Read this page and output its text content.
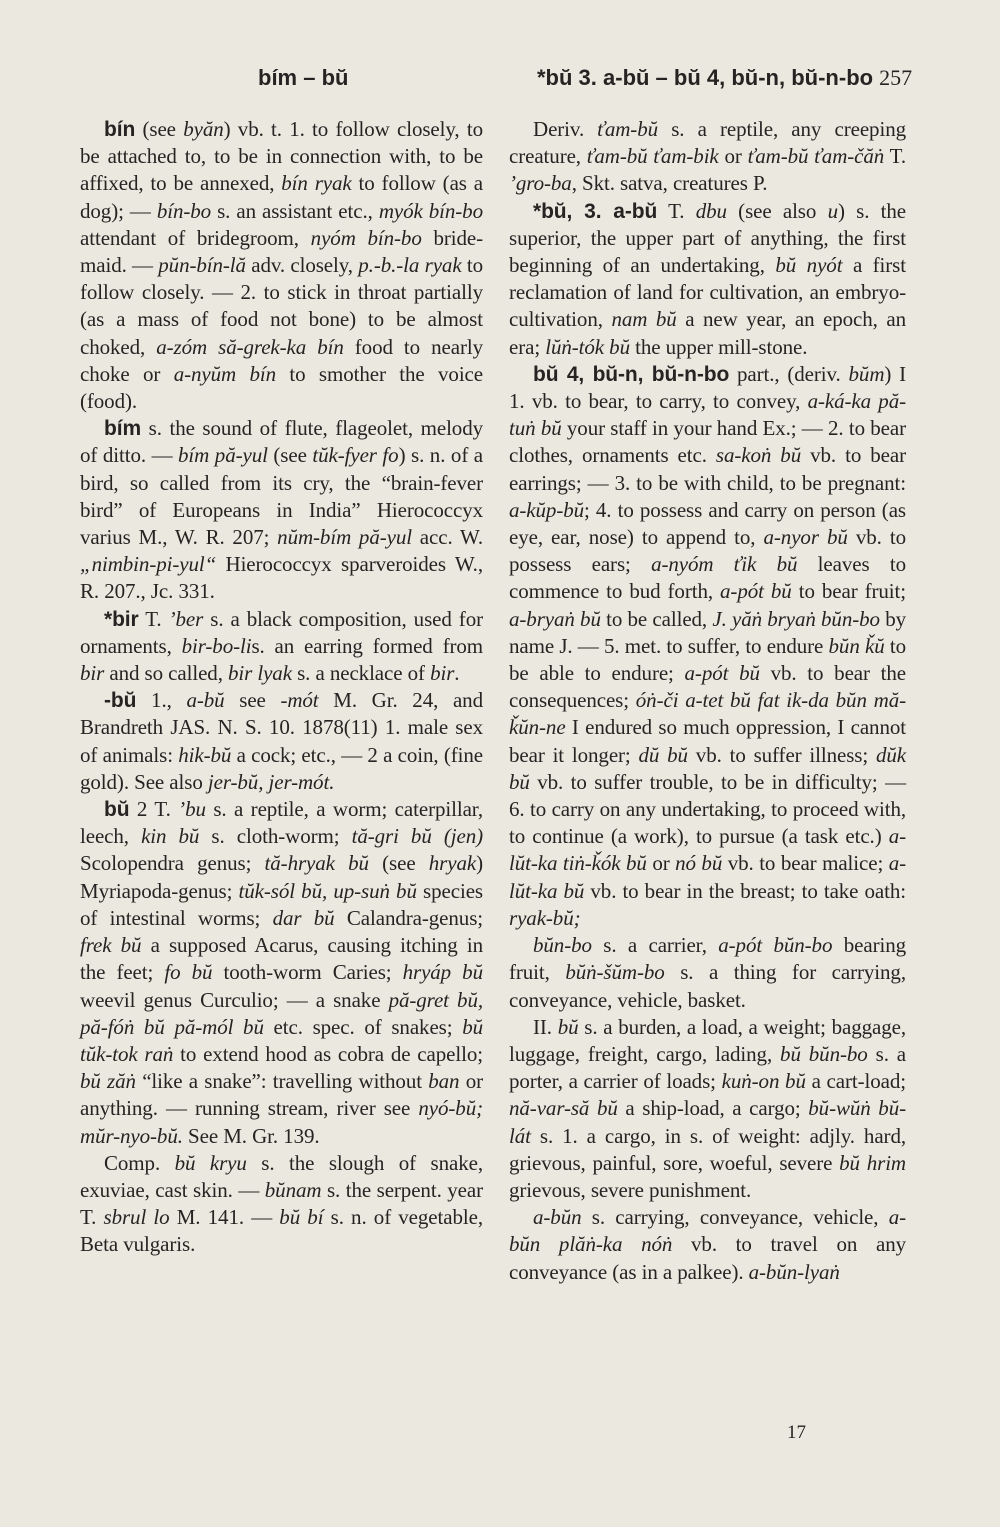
bím – bŭ	*bŭ 3. a-bŭ – bŭ 4, bŭ-n, bŭ-n-bo 257

bín (see byăn) vb. t. 1. to follow closely, to be attached to, to be in connection with, to be affixed, to be annexed, bín ryak to follow (as a dog); — bín-bo s. an assistant etc., myók bín-bo attendant of bridegroom, nyóm bín-bo bride-maid. — pŭn-bín-lă adv. closely, p.-b.-la ryak to follow closely. — 2. to stick in throat partially (as a mass of food not bone) to be almost choked, a-zóm să-grek-ka bín food to nearly choke or a-nyŭm bín to smother the voice (food).

bím s. the sound of flute, flageolet, melody of ditto. — bím pă-yul (see tŭk-fyer fo) s. n. of a bird, so called from its cry, the “brain-fever bird” of Europeans in India” Hierococcyx varius M., W. R. 207; nŭm-bím pă-yul acc. W. „nimbin-pi-yul“ Hierococcyx sparveroides W., R. 207., Jc. 331.

*bir T. ’ber s. a black composition, used for ornaments, bir-bo-lis. an earring formed from bir and so called, bir lyak s. a necklace of bir.

-bŭ 1., a-bŭ see -mót M. Gr. 24, and Brandreth JAS. N. S. 10. 1878(11) 1. male sex of animals: hik-bŭ a cock; etc., — 2 a coin, (fine gold). See also jer-bŭ, jer-mót.

bŭ 2 T. ’bu s. a reptile, a worm; caterpillar, leech, kin bŭ s. cloth-worm; tă-gri bŭ (jen) Scolopendra genus; tă-hryak bŭ (see hryak) Myriapoda-genus; tŭk-sól bŭ, up-suṅ bŭ species of intestinal worms; dar bŭ Calandra-genus; frek bŭ a supposed Acarus, causing itching in the feet; fo bŭ tooth-worm Caries; hryáp bŭ weevil genus Curculio; — a snake pă-gret bŭ, pă-fóṅ bŭ pă-mól bŭ etc. spec. of snakes; bŭ tŭk-tok raṅ to extend hood as cobra de capello; bŭ zăṅ “like a snake”: travelling without ban or anything. — running stream, river see nyó-bŭ; mŭr-nyo-bŭ. See M. Gr. 139.

Comp. bŭ kryu s. the slough of snake, exuviae, cast skin. — bŭnam s. the serpent. year T. sbrul lo M. 141. — bŭ bí s. n. of vegetable, Beta vulgaris.

Deriv. ťam-bŭ s. a reptile, any creeping creature, ťam-bŭ ťam-bik or ťam-bŭ ťam-čăṅ T. ’gro-ba, Skt. satva, creatures P.

*bŭ, 3. a-bŭ T. dbu (see also u) s. the superior, the upper part of anything, the first beginning of an undertaking, bŭ nyót a first reclamation of land for cultivation, an embryo-cultivation, nam bŭ a new year, an epoch, an era; lŭṅ-tók bŭ the upper mill-stone.

bŭ 4, bŭ-n, bŭ-n-bo part., (deriv. bŭm) I 1. vb. to bear, to carry, to convey, a-ká-ka pă-tuṅ bŭ your staff in your hand Ex.; — 2. to bear clothes, ornaments etc. sa-koṅ bŭ vb. to bear earrings; — 3. to be with child, to be pregnant: a-kŭp-bŭ; 4. to possess and carry on person (as eye, ear, nose) to append to, a-nyor bŭ vb. to possess ears; a-nyóm ťik bŭ leaves to commence to bud forth, a-pót bŭ to bear fruit; a-bryaṅ bŭ to be called, J. yăṅ bryaṅ bŭn-bo by name J. — 5. met. to suffer, to endure bŭn ǩŭ to be able to endure; a-pót bŭ vb. to bear the consequences; óṅ-či a-tet bŭ fat ik-da bŭn mă-ǩŭn-ne I endured so much oppression, I cannot bear it longer; dŭ bŭ vb. to suffer illness; dŭk bŭ vb. to suffer trouble, to be in difficulty; — 6. to carry on any undertaking, to proceed with, to continue (a work), to pursue (a task etc.) a-lŭt-ka tiṅ-ǩók bŭ or nó bŭ vb. to bear malice; a-lŭt-ka bŭ vb. to bear in the breast; to take oath: ryak-bŭ;

bŭn-bo s. a carrier, a-pót bŭn-bo bearing fruit, bŭṅ-šŭm-bo s. a thing for carrying, conveyance, vehicle, basket.

II. bŭ s. a burden, a load, a weight; baggage, luggage, freight, cargo, lading, bŭ bŭn-bo s. a porter, a carrier of loads; kuṅ-on bŭ a cart-load; nă-var-să bŭ a ship-load, a cargo; bŭ-wŭṅ bŭ-lát s. 1. a cargo, in s. of weight: adjly. hard, grievous, painful, sore, woeful, severe bŭ hrim grievous, severe punishment.

a-bŭn s. carrying, conveyance, vehicle, a-bŭn plăṅ-ka nóṅ vb. to travel on any conveyance (as in a palkee). a-bŭn-lyaṅ

17
